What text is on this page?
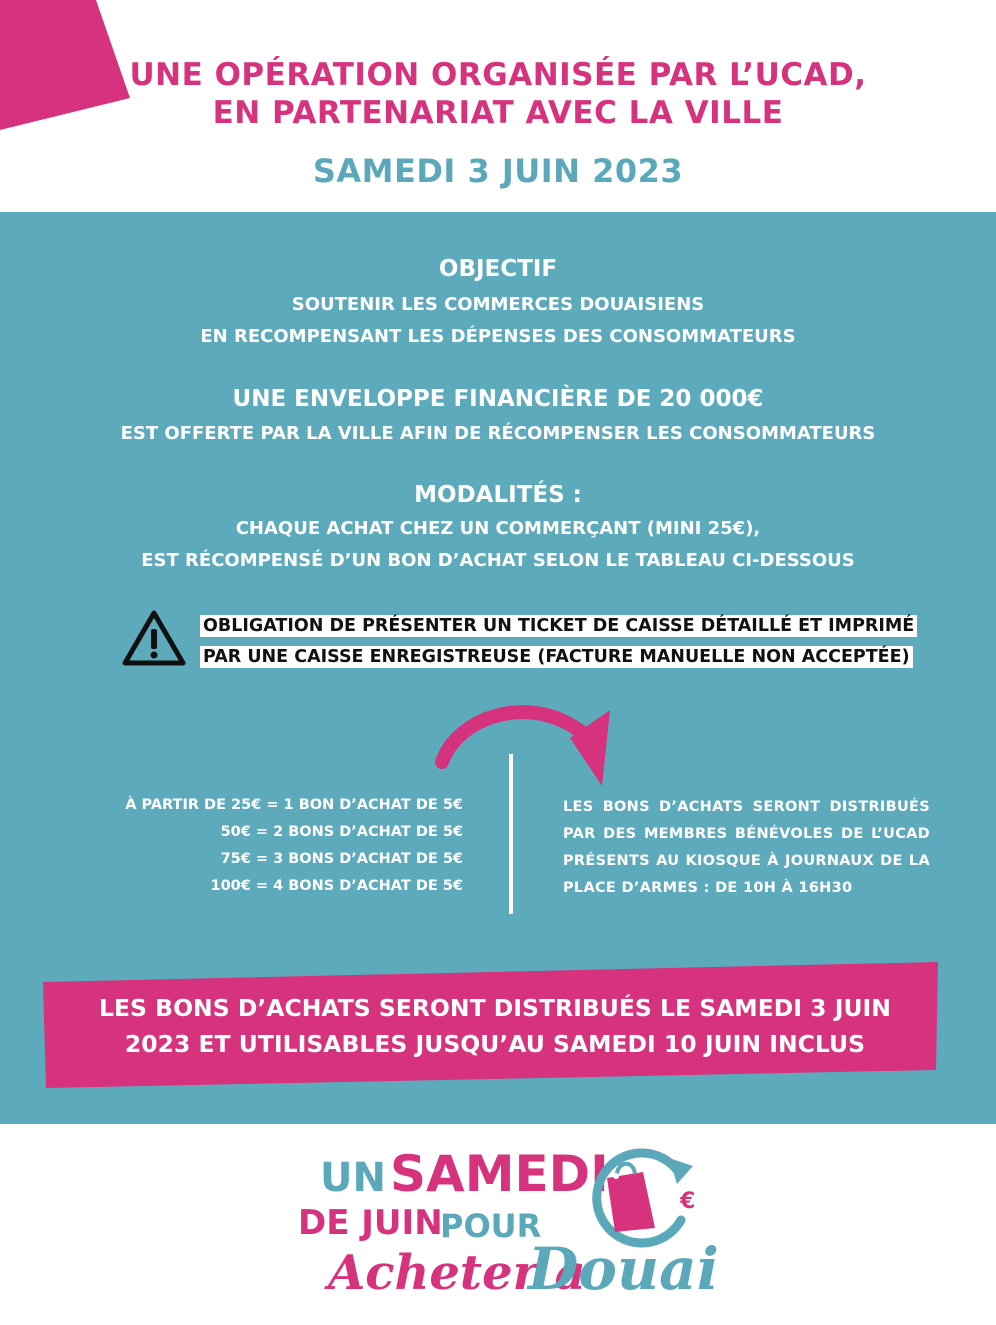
UNE OPÉRATION ORGANISÉE PAR L’UCAD,
EN PARTENARIAT AVEC LA VILLE
SAMEDI 3 JUIN 2023
OBJECTIF
SOUTENIR LES COMMERCES DOUAISIENS
EN RECOMPENSANT LES DÉPENSES DES CONSOMMATEURS
UNE ENVELOPPE FINANCIÈRE DE 20 000€
EST OFFERTE PAR LA VILLE AFIN DE RÉCOMPENSER LES CONSOMMATEURS
MODALITÉS :
CHAQUE ACHAT CHEZ UN COMMERÇANT (MINI 25€),
EST RÉCOMPENSÉ D’UN BON D’ACHAT SELON LE TABLEAU CI-DESSOUS
OBLIGATION DE PRÉSENTER UN TICKET DE CAISSE DÉTAILLÉ ET IMPRIMÉ
PAR UNE CAISSE ENREGISTREUSE (FACTURE MANUELLE NON ACCEPTÉE)
À PARTIR DE 25€ = 1 BON D’ACHAT DE 5€
50€ = 2 BONS D’ACHAT DE 5€
75€ = 3 BONS D’ACHAT DE 5€
100€ = 4 BONS D’ACHAT DE 5€
LES BONS D’ACHATS SERONT DISTRIBUÉS PAR DES MEMBRES BÉNÉVOLES DE L’UCAD PRÉSENTS AU KIOSQUE À JOURNAUX DE LA PLACE D’ARMES : DE 10H À 16H30
LES BONS D’ACHATS SERONT DISTRIBUÉS LE SAMEDI 3 JUIN
2023 ET UTILISABLES JUSQU’AU SAMEDI 10 JUIN INCLUS
UN SAMEDI
DE JUIN
POUR
Acheter à
Douai
€
